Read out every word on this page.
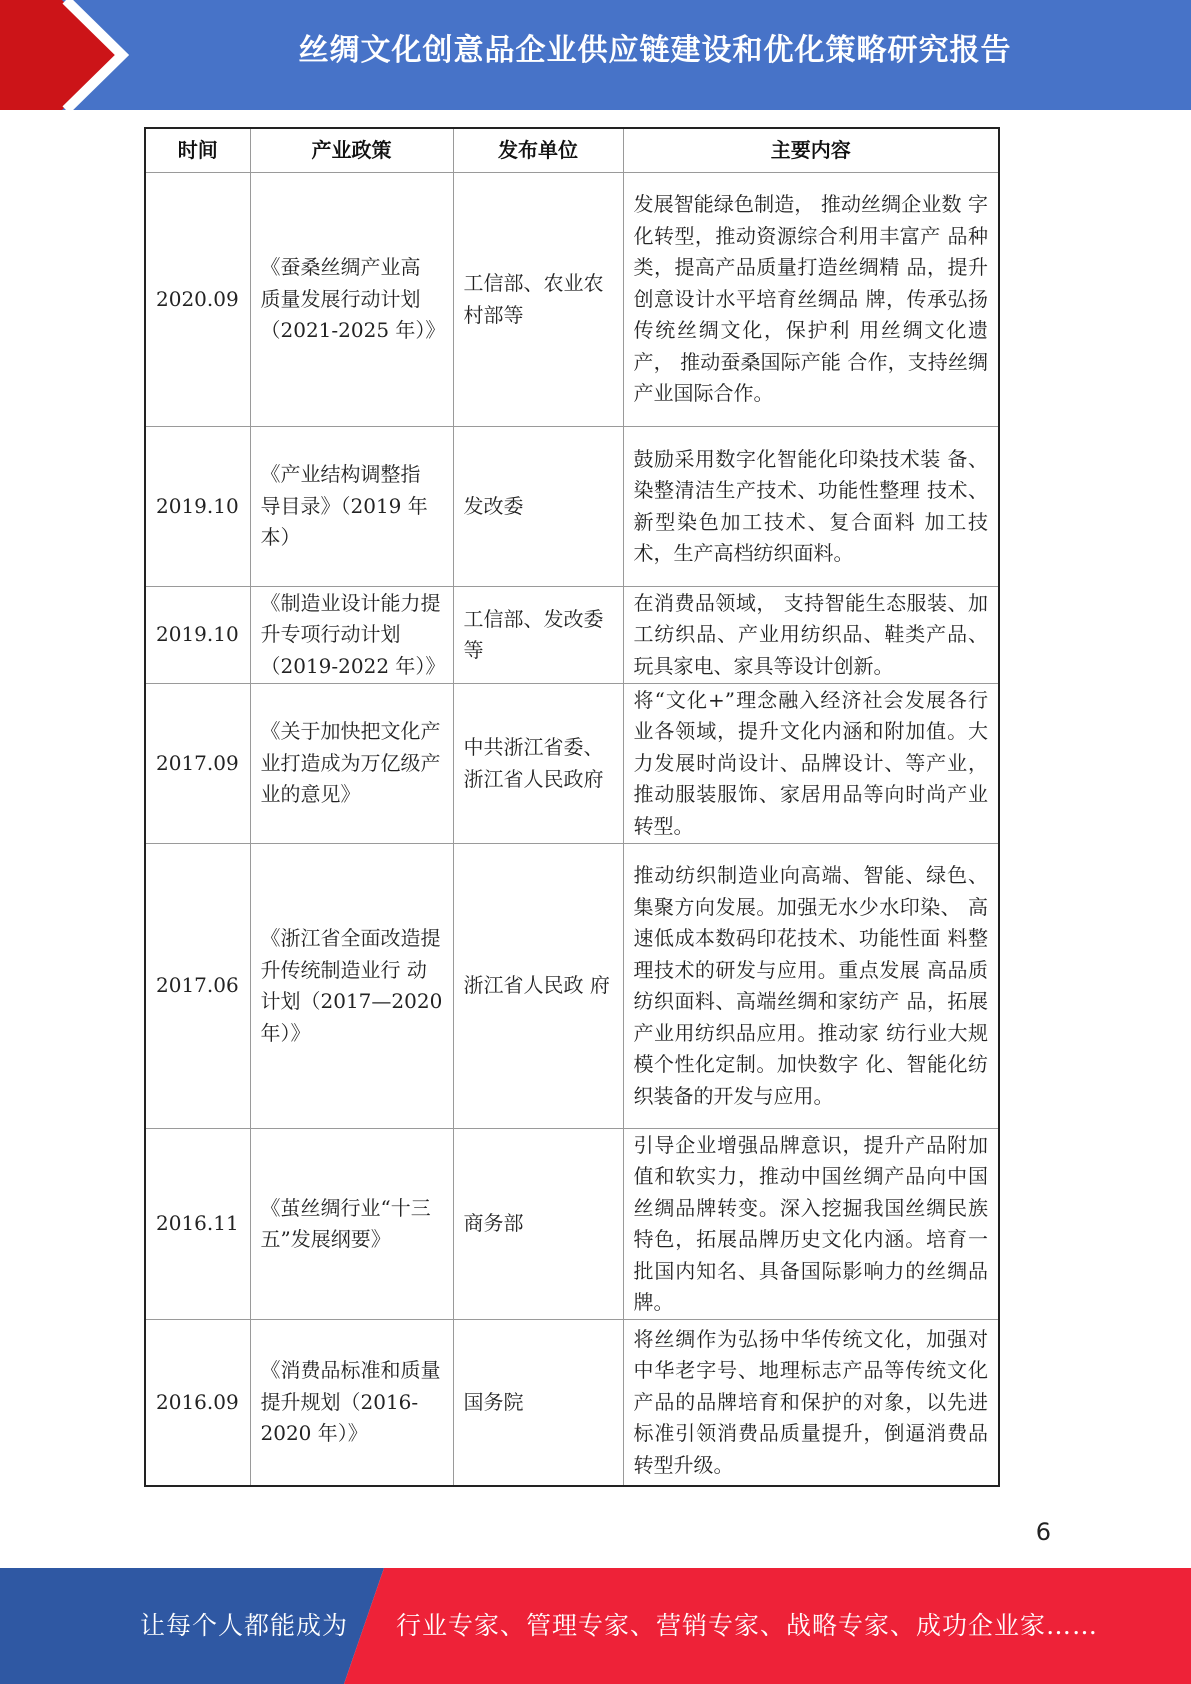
丝绸文化创意品企业供应链建设和优化策略研究报告
时间	产业政策	发布单位	主要内容
2020.09	《蚕桑丝绸产业高 质量发展行动计划（2021-2025 年）》	工信部、农业农村部等	发展智能绿色制造， 推动丝绸企业数 字化转型，推动资源综合利用丰富产 品种类，提高产品质量打造丝绸精 品，提升创意设计水平培育丝绸品 牌，传承弘扬传统丝绸文化，保护利 用丝绸文化遗产， 推动蚕桑国际产能 合作，支持丝绸产业国际合作。
2019.10	《产业结构调整指 导目录》（2019 年 本）	发改委	鼓励采用数字化智能化印染技术装 备、染整清洁生产技术、功能性整理 技术、新型染色加工技术、复合面料 加工技术，生产高档纺织面料。
2019.10	《制造业设计能力提升专项行动计划（2019-2022 年）》	工信部、发改委等	在消费品领域， 支持智能生态服装、加工纺织品、产业用纺织品、鞋类产品、玩具家电、家具等设计创新。
2017.09	《关于加快把文化产业打造成为万亿级产业的意见》	中共浙江省委、浙江省人民政府	将“文化+”理念融入经济社会发展各行 业各领域，提升文化内涵和附加值。大 力发展时尚设计、品牌设计、等产业， 推动服装服饰、家居用品等向时尚产业 转型。
2017.06	《浙江省全面改造提升传统制造业行 动计划（2017—2020 年）》	浙江省人民政 府	推动纺织制造业向高端、智能、绿色、 集聚方向发展。加强无水少水印染、 高速低成本数码印花技术、功能性面 料整理技术的研发与应用。重点发展 高品质纺织面料、高端丝绸和家纺产 品，拓展产业用纺织品应用。推动家 纺行业大规模个性化定制。加快数字 化、智能化纺织装备的开发与应用。
2016.11	《茧丝绸行业“十三五”发展纲要》	商务部	引导企业增强品牌意识，提升产品附加值和软实力，推动中国丝绸产品向中国丝绸品牌转变。深入挖掘我国丝绸民族特色，拓展品牌历史文化内涵。培育一批国内知名、具备国际影响力的丝绸品牌。
2016.09	《消费品标准和质量提升规划（2016-2020 年）》	国务院	将丝绸作为弘扬中华传统文化，加强对中华老字号、地理标志产品等传统文化产品的品牌培育和保护的对象，以先进标准引领消费品质量提升，倒逼消费品转型升级。
6
让每个人都能成为 行业专家、管理专家、营销专家、战略专家、成功企业家……
